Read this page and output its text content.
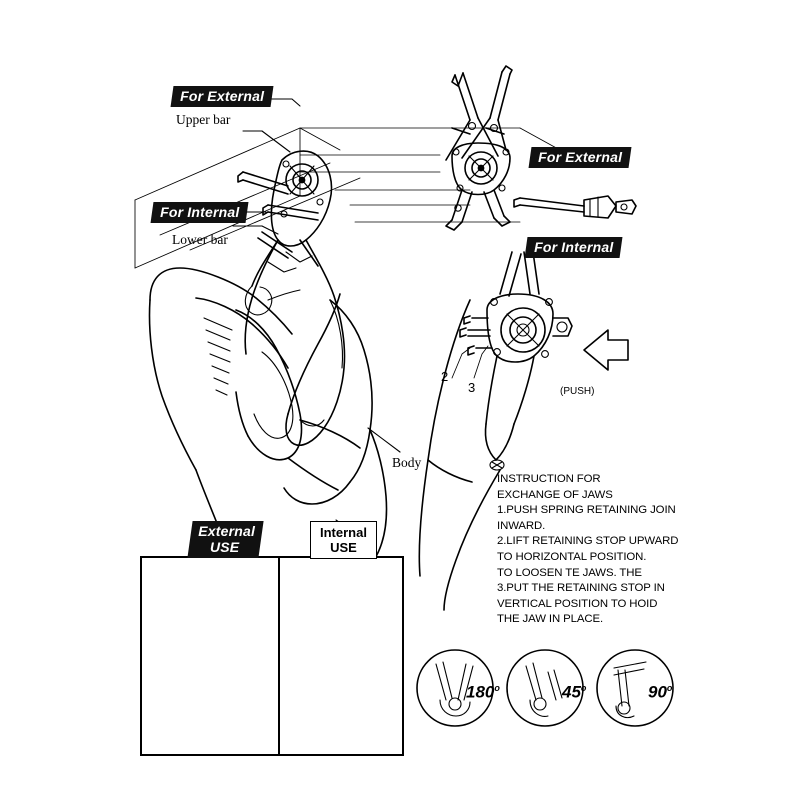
For External
For External
For Internal
For Internal
Upper bar
Lower bar
Body
(PUSH)
2
3
INSTRUCTION FOR
EXCHANGE OF JAWS
1.PUSH SPRING RETAINING JOIN
INWARD.
2.LIFT RETAINING STOP UPWARD
TO HORIZONTAL POSITION.
TO LOOSEN TE JAWS. THE
3.PUT THE RETAINING STOP IN
VERTICAL POSITION TO HOID
THE JAW IN PLACE.
External
USE
Internal
USE
180$^o$	45$^o$	90$^o$
